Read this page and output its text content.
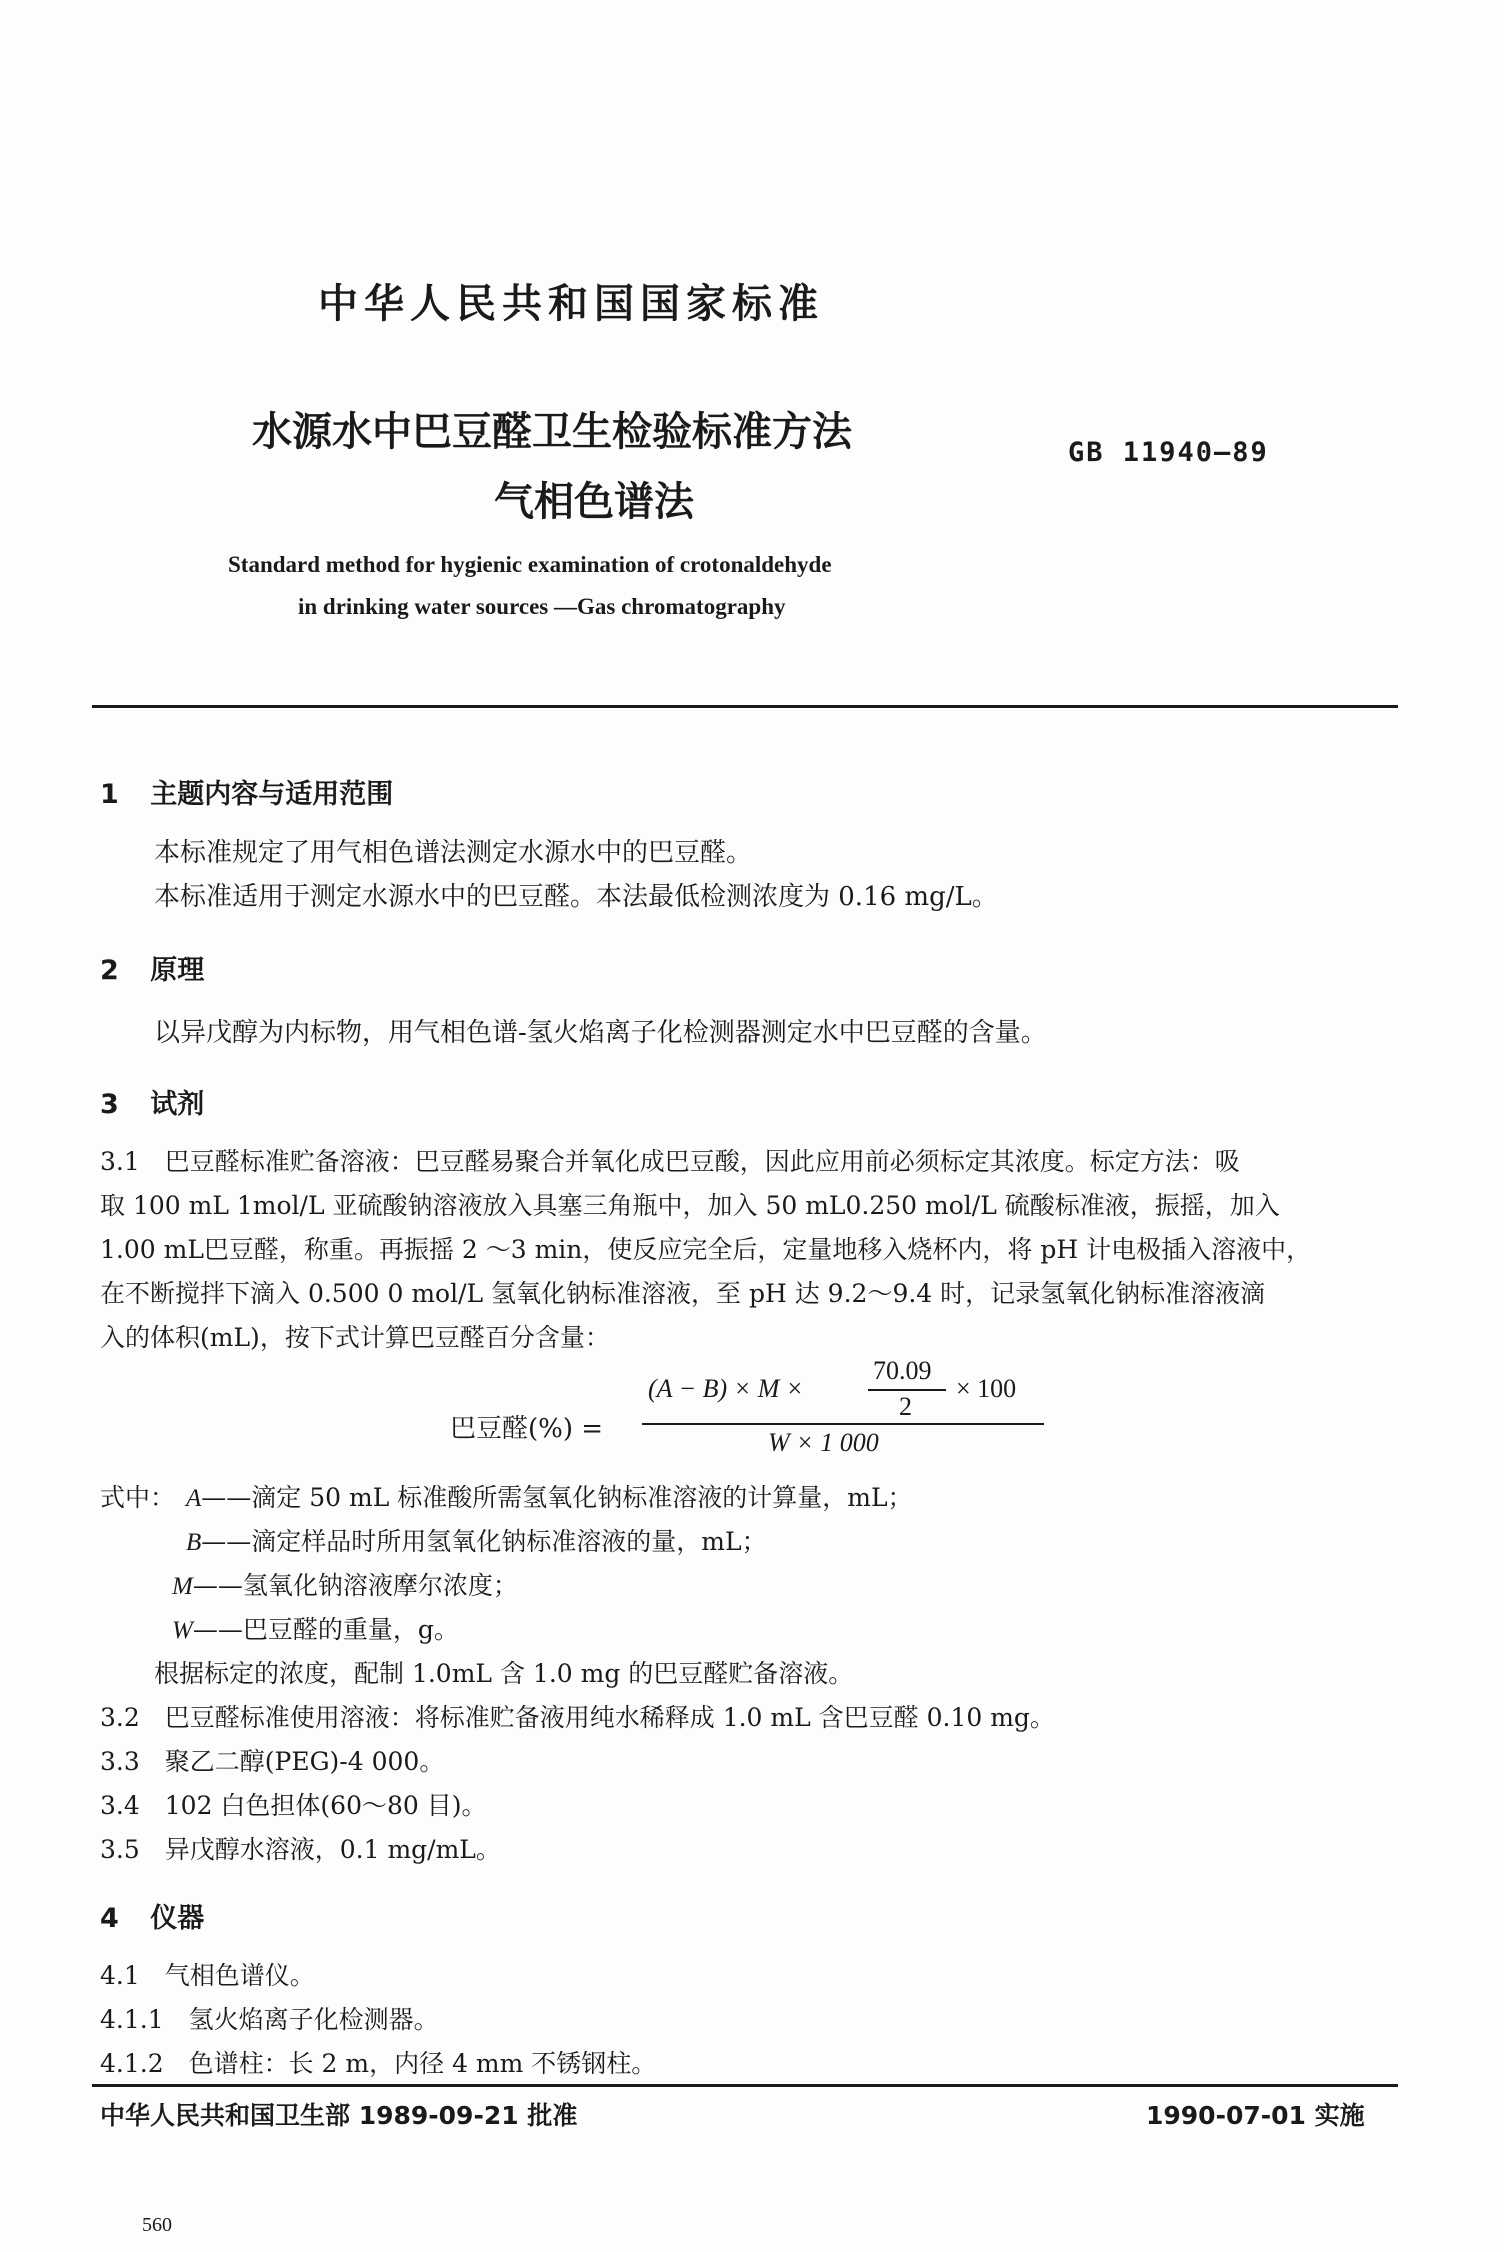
中华人民共和国国家标准
水源水中巴豆醛卫生检验标准方法
气相色谱法
GB 11940—89
Standard method for hygienic examination of crotonaldehyde
in drinking water sources —Gas chromatography
1 主题内容与适用范围
本标准规定了用气相色谱法测定水源水中的巴豆醛。
本标准适用于测定水源水中的巴豆醛。本法最低检测浓度为 0.16 mg/L。
2 原理
以异戊醇为内标物，用气相色谱-氢火焰离子化检测器测定水中巴豆醛的含量。
3 试剂
3.1　巴豆醛标准贮备溶液：巴豆醛易聚合并氧化成巴豆酸，因此应用前必须标定其浓度。标定方法：吸
取 100 mL 1mol/L 亚硫酸钠溶液放入具塞三角瓶中，加入 50 mL0.250 mol/L 硫酸标准液，振摇，加入
1.00 mL巴豆醛，称重。再振摇 2 ～3 min，使反应完全后，定量地移入烧杯内，将 pH 计电极插入溶液中，
在不断搅拌下滴入 0.500 0 mol/L 氢氧化钠标准溶液，至 pH 达 9.2～9.4 时，记录氢氧化钠标准溶液滴
入的体积(mL)，按下式计算巴豆醛百分含量：
巴豆醛(%) =
(A − B) × M ×
70.09
2
× 100
W × 1 000
式中： A——滴定 50 mL 标准酸所需氢氧化钠标准溶液的计算量，mL；
B——滴定样品时所用氢氧化钠标准溶液的量，mL；
M——氢氧化钠溶液摩尔浓度；
W——巴豆醛的重量，g。
根据标定的浓度，配制 1.0mL 含 1.0 mg 的巴豆醛贮备溶液。
3.2　巴豆醛标准使用溶液：将标准贮备液用纯水稀释成 1.0 mL 含巴豆醛 0.10 mg。
3.3　聚乙二醇(PEG)-4 000。
3.4　102 白色担体(60～80 目)。
3.5　异戊醇水溶液，0.1 mg/mL。
4 仪器
4.1　气相色谱仪。
4.1.1　氢火焰离子化检测器。
4.1.2　色谱柱：长 2 m，内径 4 mm 不锈钢柱。
中华人民共和国卫生部 1989-09-21 批准	1990-07-01 实施
560
